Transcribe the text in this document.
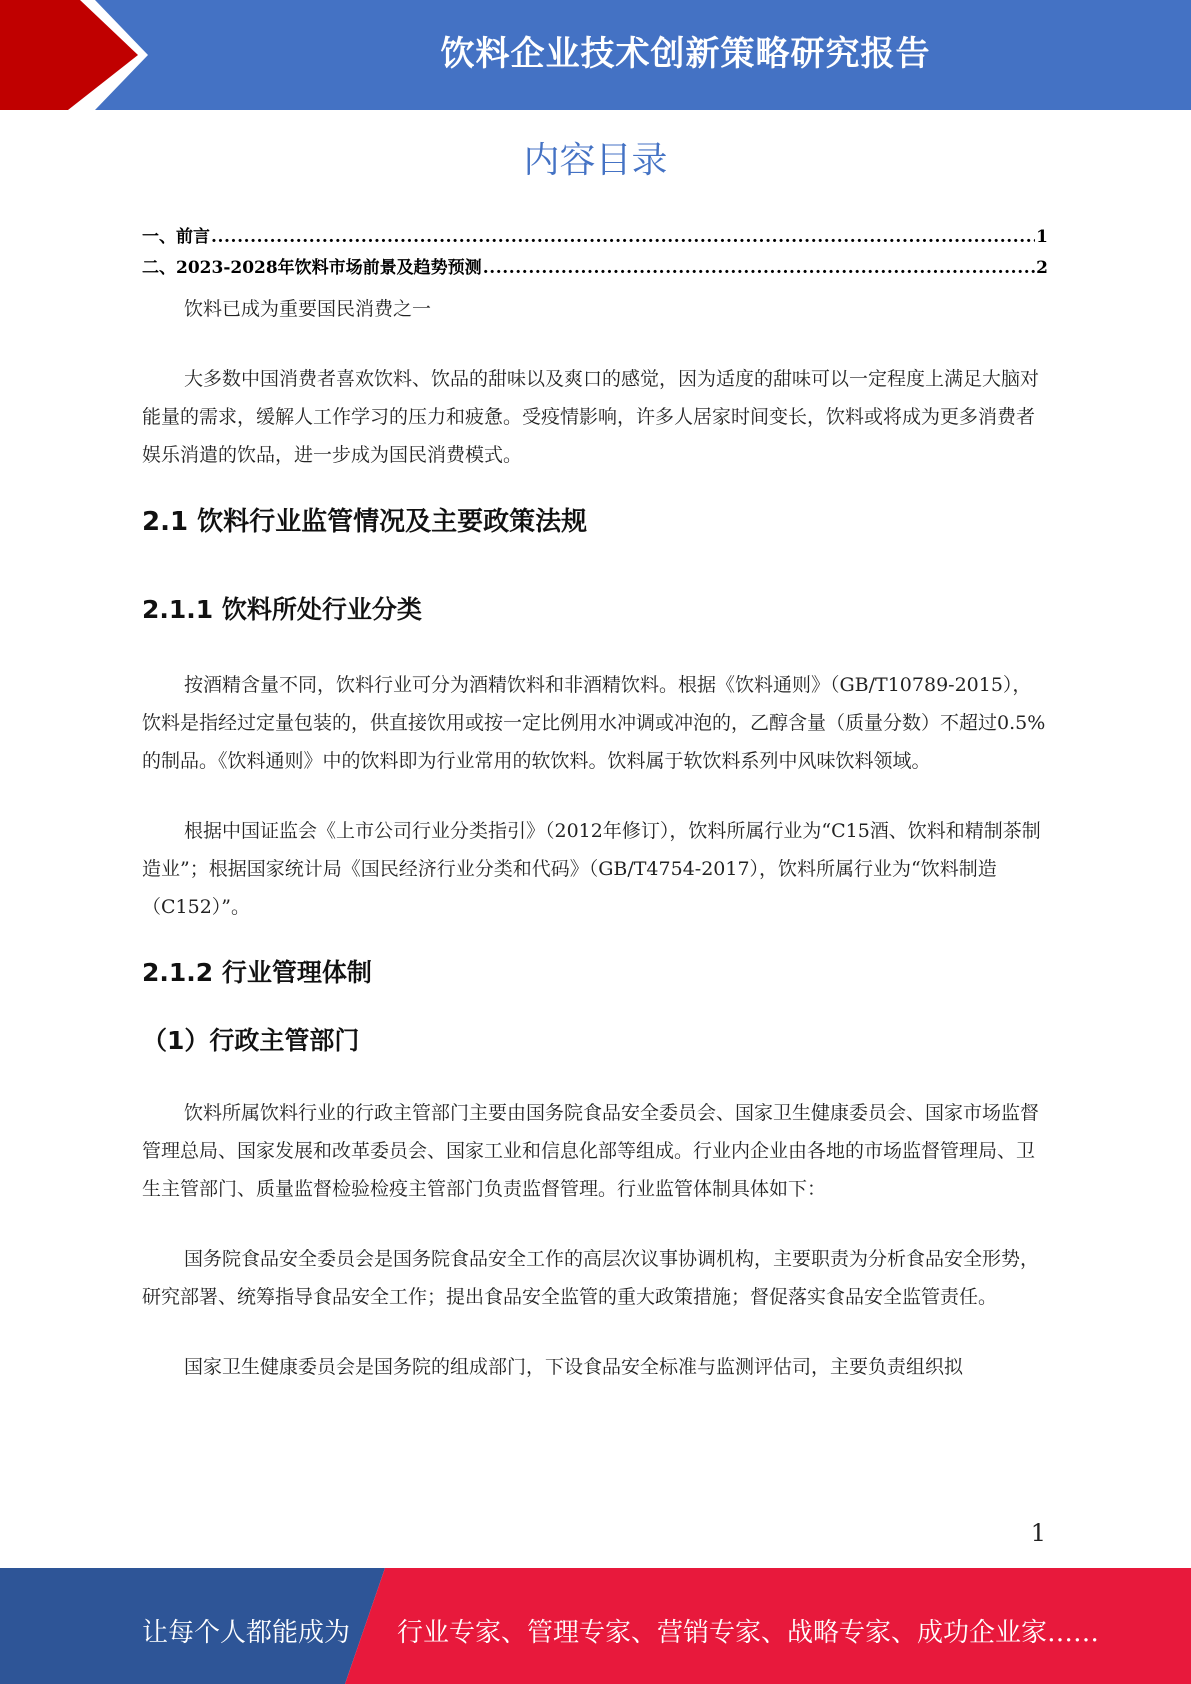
饮料企业技术创新策略研究报告
内容目录
一、前言 .....	1
二、2023-2028年饮料市场前景及趋势预测 .....	2

饮料已成为重要国民消费之一

大多数中国消费者喜欢饮料、饮品的甜味以及爽口的感觉，因为适度的甜味可以一定程度上满足大脑对能量的需求，缓解人工作学习的压力和疲惫。受疫情影响，许多人居家时间变长，饮料或将成为更多消费者娱乐消遣的饮品，进一步成为国民消费模式。

2.1 饮料行业监管情况及主要政策法规
2.1.1 饮料所处行业分类

按酒精含量不同，饮料行业可分为酒精饮料和非酒精饮料。根据《饮料通则》（GB/T10789-2015），饮料是指经过定量包装的，供直接饮用或按一定比例用水冲调或冲泡的，乙醇含量（质量分数）不超过0.5%的制品。《饮料通则》中的饮料即为行业常用的软饮料。饮料属于软饮料系列中风味饮料领域。

根据中国证监会《上市公司行业分类指引》（2012年修订），饮料所属行业为“C15酒、饮料和精制茶制造业”；根据国家统计局《国民经济行业分类和代码》（GB/T4754-2017），饮料所属行业为“饮料制造（C152）”。

2.1.2 行业管理体制
（1）行政主管部门

饮料所属饮料行业的行政主管部门主要由国务院食品安全委员会、国家卫生健康委员会、国家市场监督管理总局、国家发展和改革委员会、国家工业和信息化部等组成。行业内企业由各地的市场监督管理局、卫生主管部门、质量监督检验检疫主管部门负责监督管理。行业监管体制具体如下：

国务院食品安全委员会是国务院食品安全工作的高层次议事协调机构，主要职责为分析食品安全形势，研究部署、统筹指导食品安全工作；提出食品安全监管的重大政策措施；督促落实食品安全监管责任。

国家卫生健康委员会是国务院的组成部门，下设食品安全标准与监测评估司，主要负责组织拟

1
让每个人都能成为 行业专家、管理专家、营销专家、战略专家、成功企业家……
